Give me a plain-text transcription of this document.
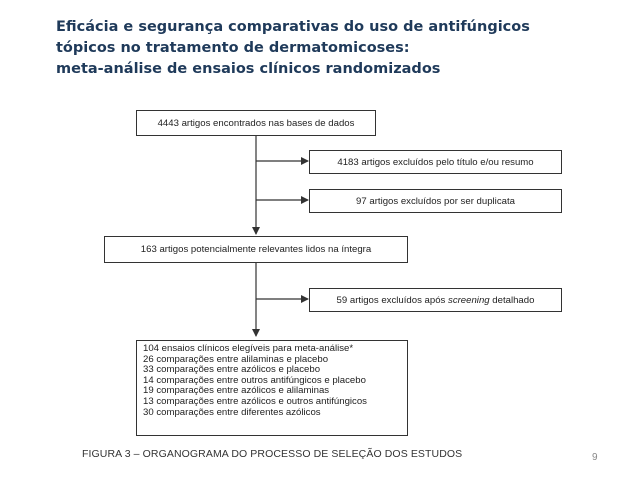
Eficácia e segurança comparativas do uso de antifúngicos
tópicos no tratamento de dermatomicoses:
meta-análise de ensaios clínicos randomizados
4443 artigos encontrados nas bases de dados
4183 artigos excluídos pelo título e/ou resumo
97 artigos excluídos por ser duplicata
163 artigos potencialmente relevantes lidos na íntegra
59 artigos excluídos após screening detalhado
104 ensaios clínicos elegíveis para meta-análise*
26 comparações entre alilaminas e placebo
33 comparações entre azólicos e placebo
14 comparações entre outros antifúngicos e placebo
19 comparações entre azólicos e alilaminas
13 comparações entre azólicos e outros antifúngicos
30 comparações entre diferentes azólicos
FIGURA 3 – ORGANOGRAMA DO PROCESSO DE SELEÇÃO DOS ESTUDOS	9
